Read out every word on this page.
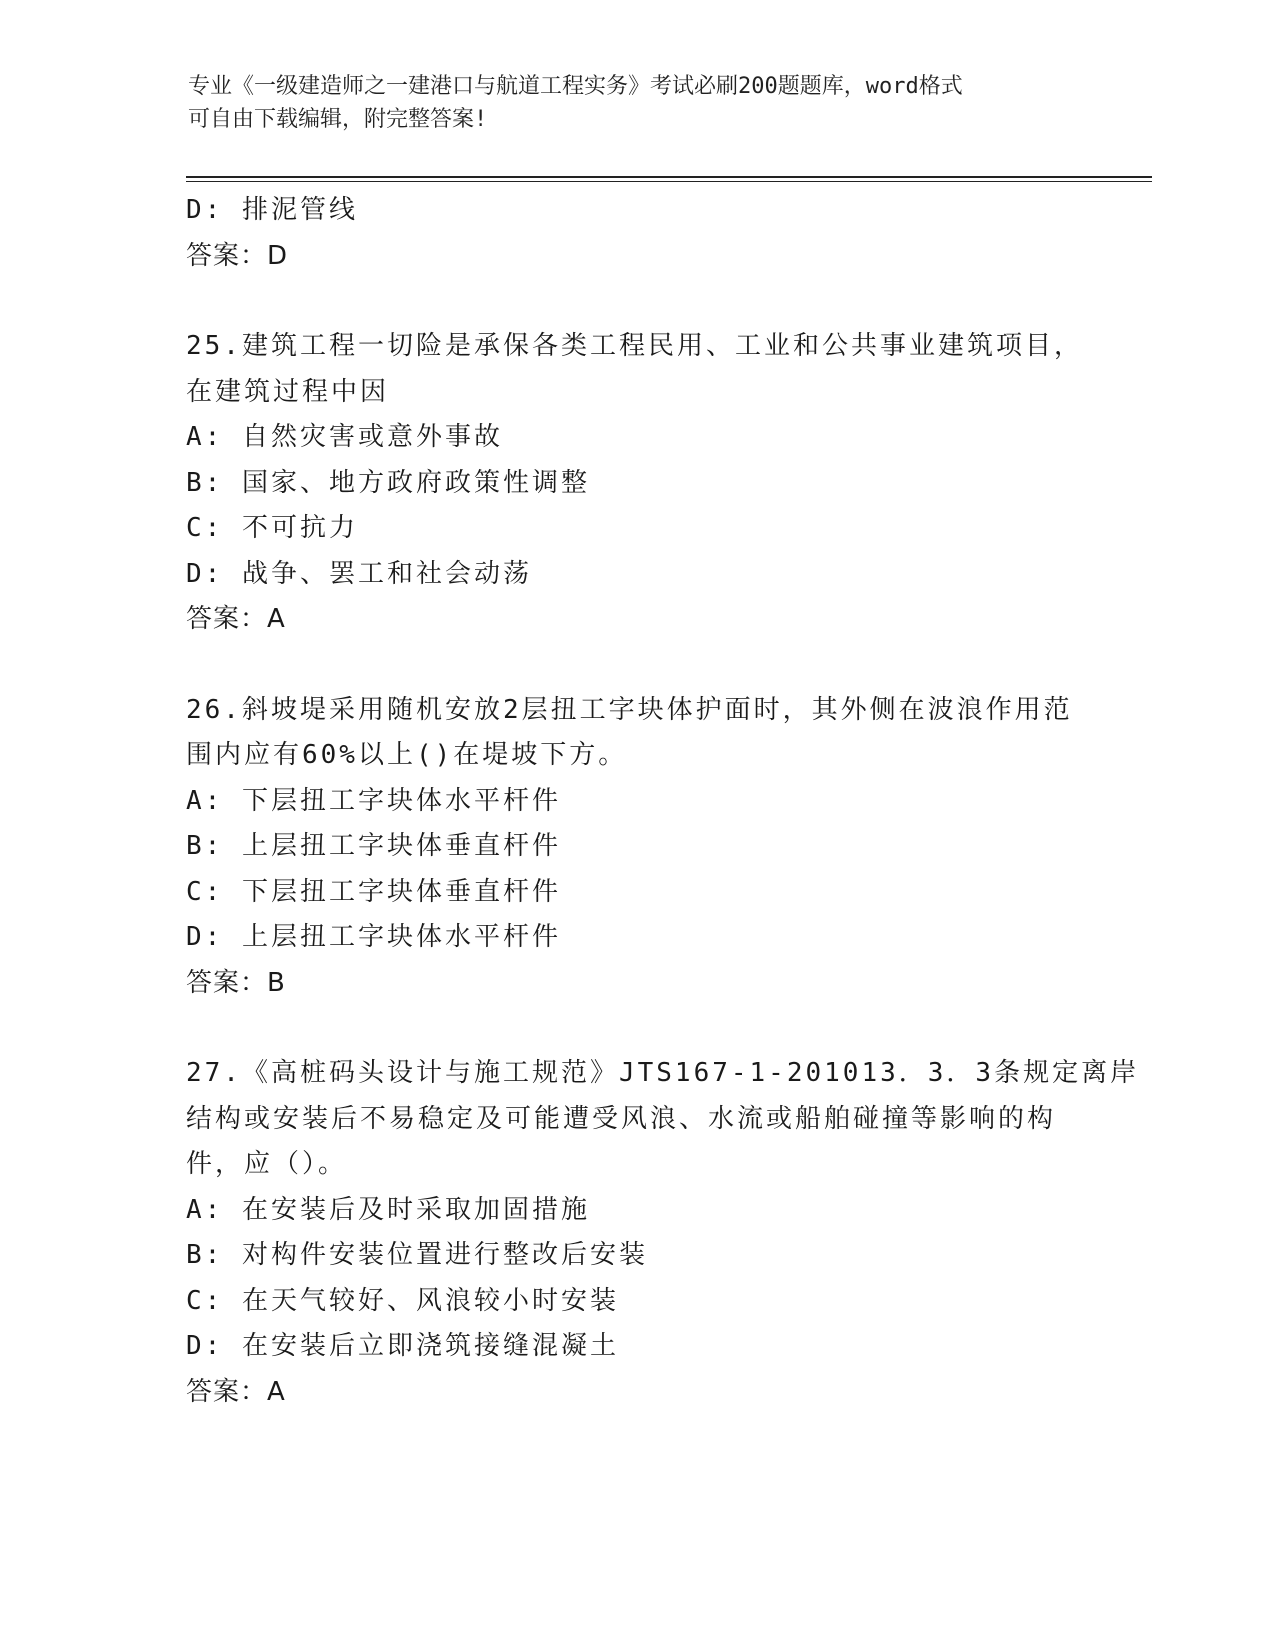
专业《一级建造师之一建港口与航道工程实务》考试必刷200题题库，word格式
可自由下载编辑，附完整答案!
D: 排泥管线
答案：D
25.建筑工程一切险是承保各类工程民用、工业和公共事业建筑项目，
在建筑过程中因
A: 自然灾害或意外事故
B: 国家、地方政府政策性调整
C: 不可抗力
D: 战争、罢工和社会动荡
答案：A
26.斜坡堤采用随机安放2层扭工字块体护面时，其外侧在波浪作用范
围内应有60%以上()在堤坡下方。
A: 下层扭工字块体水平杆件
B: 上层扭工字块体垂直杆件
C: 下层扭工字块体垂直杆件
D: 上层扭工字块体水平杆件
答案：B
27.《高桩码头设计与施工规范》JTS167-1-201013．3．3条规定离岸
结构或安装后不易稳定及可能遭受风浪、水流或船舶碰撞等影响的构
件，应（）。
A: 在安装后及时采取加固措施
B: 对构件安装位置进行整改后安装
C: 在天气较好、风浪较小时安装
D: 在安装后立即浇筑接缝混凝土
答案：A
